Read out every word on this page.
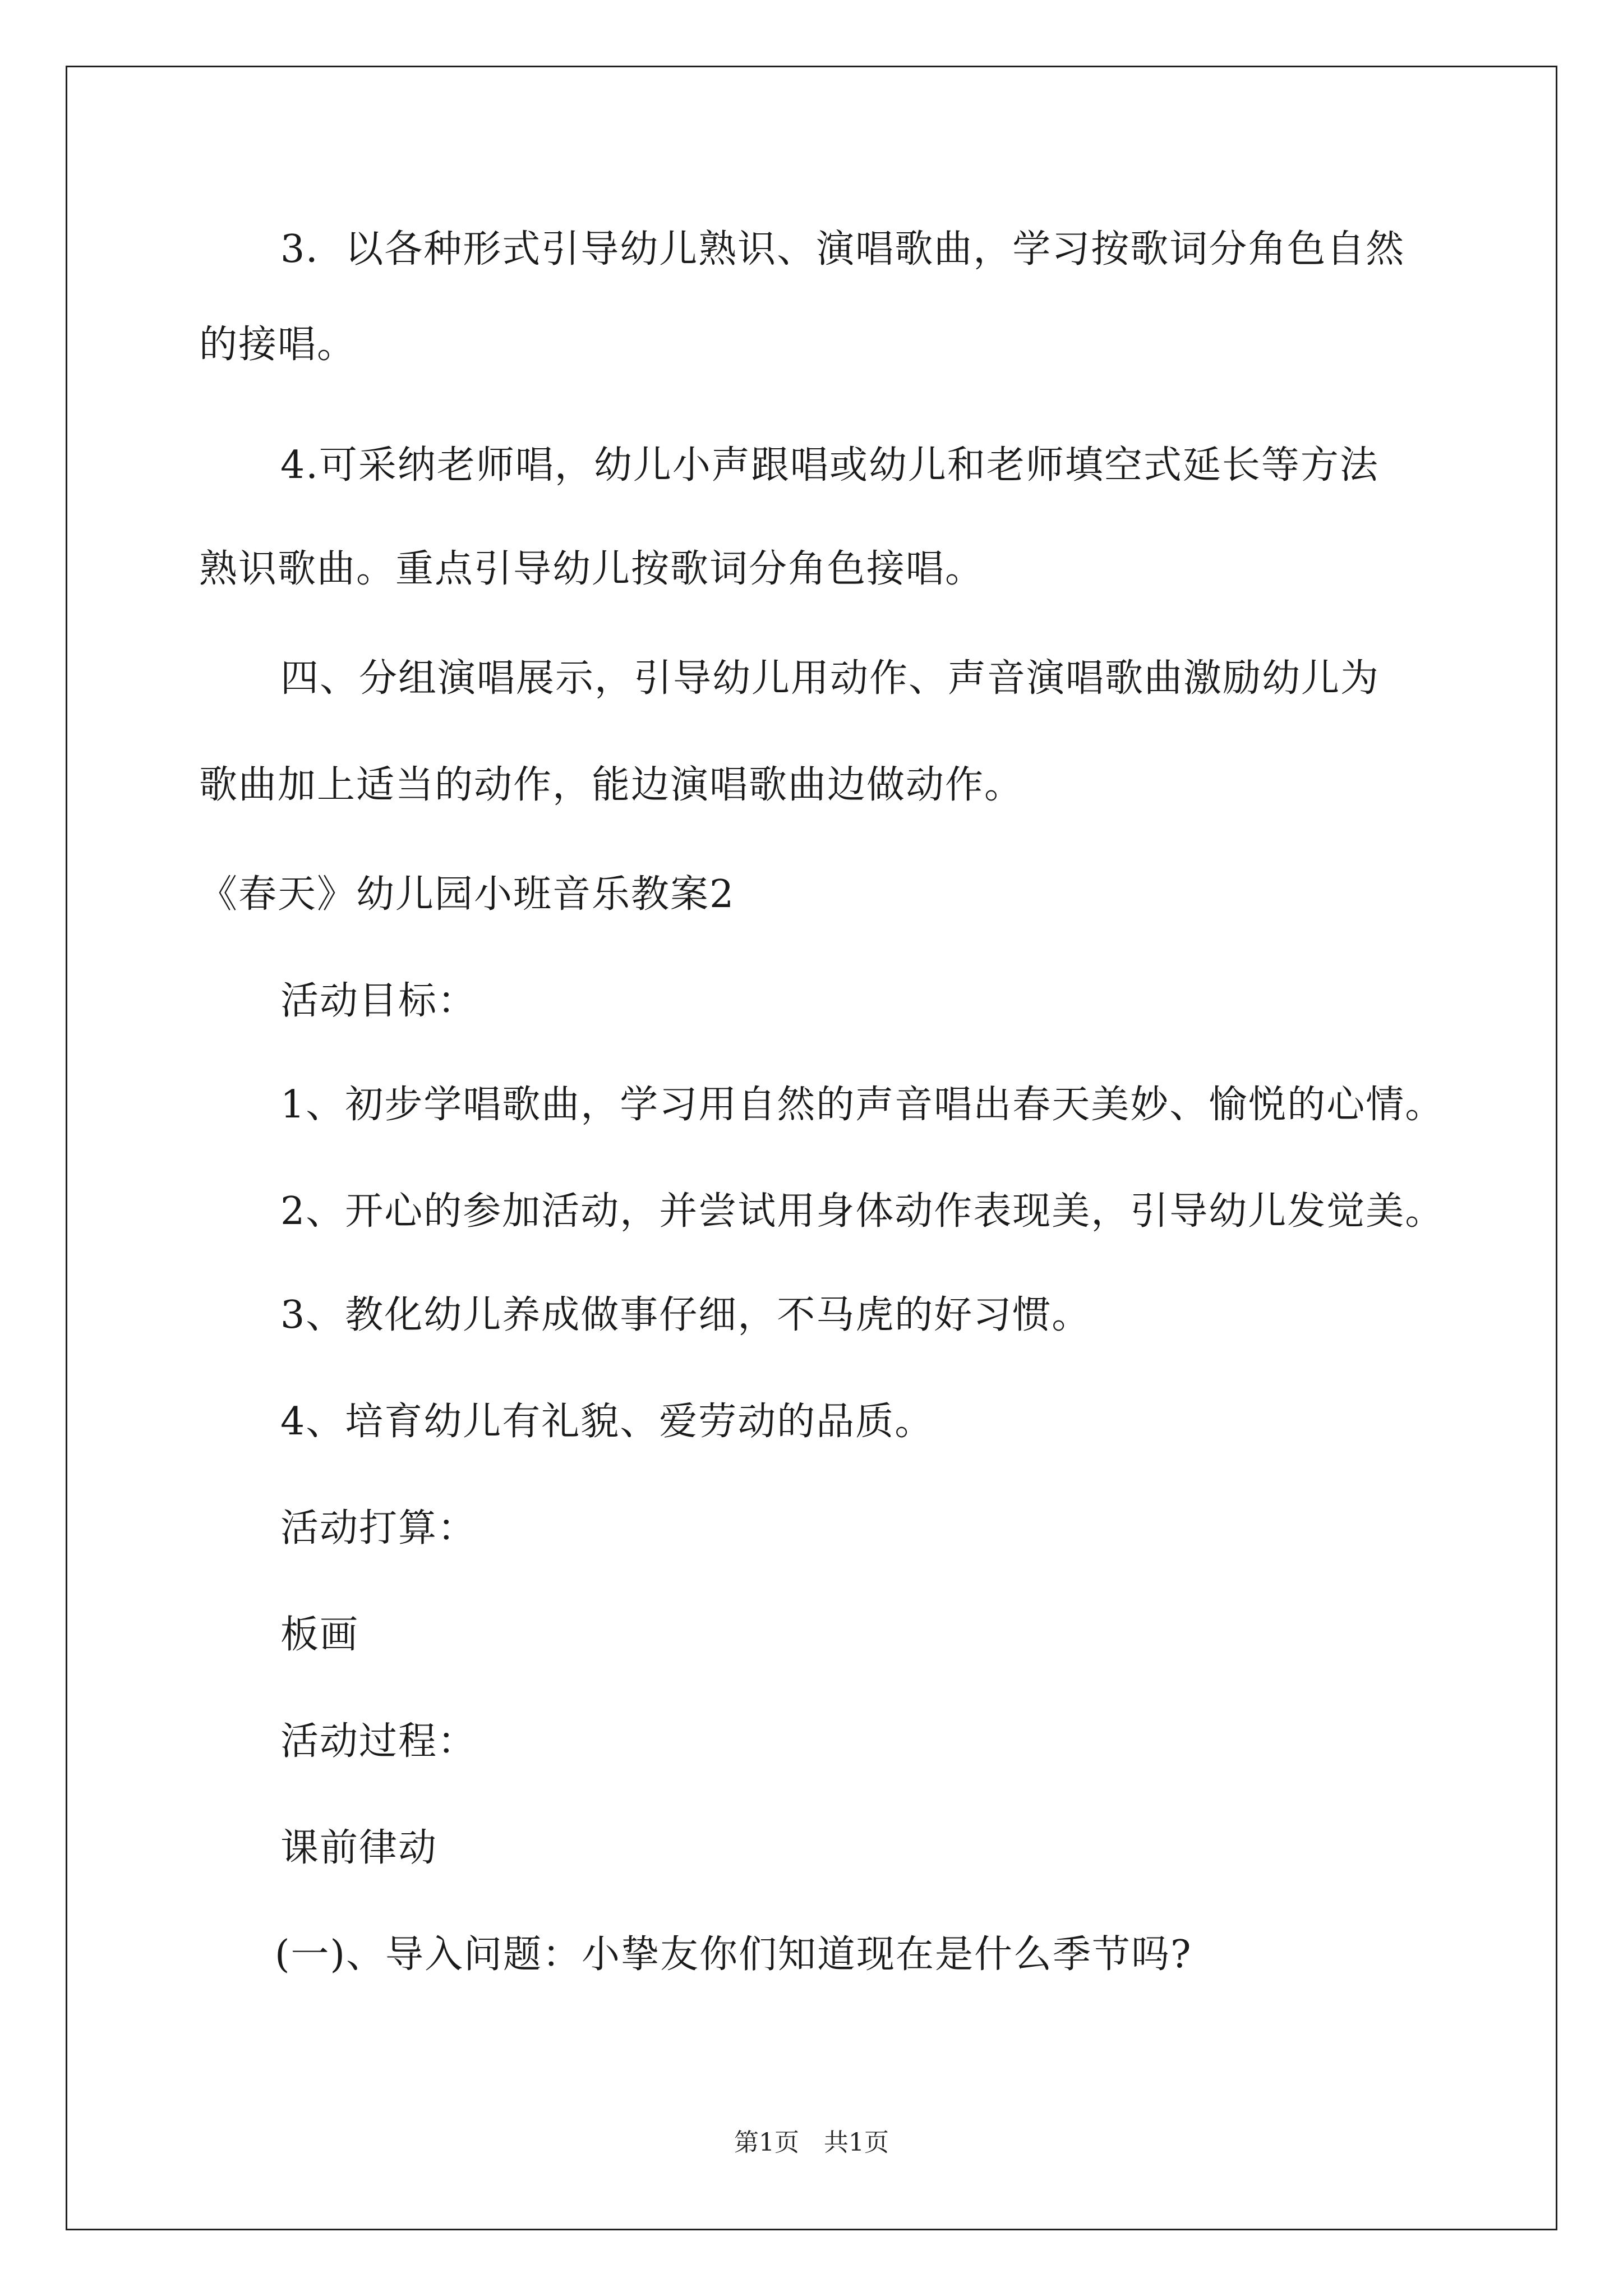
3．以各种形式引导幼儿熟识、演唱歌曲，学习按歌词分角色自然
的接唱。
4.可采纳老师唱，幼儿小声跟唱或幼儿和老师填空式延长等方法
熟识歌曲。重点引导幼儿按歌词分角色接唱。
四、分组演唱展示，引导幼儿用动作、声音演唱歌曲激励幼儿为
歌曲加上适当的动作，能边演唱歌曲边做动作。
《春天》幼儿园小班音乐教案2
活动目标：
1、初步学唱歌曲，学习用自然的声音唱出春天美妙、愉悦的心情。
2、开心的参加活动，并尝试用身体动作表现美，引导幼儿发觉美。
3、教化幼儿养成做事仔细，不马虎的好习惯。
4、培育幼儿有礼貌、爱劳动的品质。
活动打算：
板画
活动过程：
课前律动
(一)、导入问题：小挚友你们知道现在是什么季节吗?
第1页　共1页
